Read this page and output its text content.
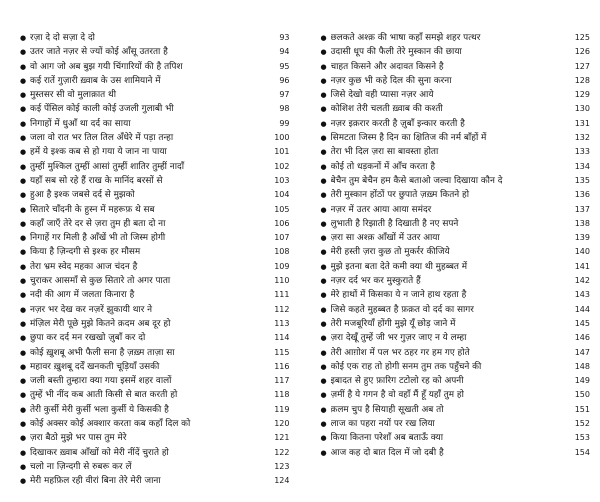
● रज़ा दे दो सज़ा दे दो	93
● उतर जाते नज़र से ज्यों कोई आँसू उतरता है	94
● वो आग जो अब बुझ गयी चिंगारियों की है तपिश	95
● कई रातें गुज़ारी ख़्वाब के उस शामियाने में	96
● मुस्तसर सी वो मुलाक़ात थी	97
● कई पेंसिल कोई काली कोई उजली गुलाबी भी	98
● निगाहों में धुआँ था दर्द का साया	99
● जला वो रात भर तिल तिल अँधेरे में पड़ा तन्हा	100
● हमें ये इश्क कब से हो गया ये जान ना पाया	101
● तुम्हीं मुश्किल तुम्हीं आसां तुम्हीं शातिर तुम्हीं नादाँ	102
● यहाँ सब सो रहे हैं राख के मानिंद बरसों से	103
● हुआ है इश्क जबसे दर्द से मुझको	104
● सितारे चाँदनी के हुस्न में महरूफ़ थे सब	105
● कहाँ जाएँ तेरे दर से ज़रा तुम ही बता दो ना	106
● निगाहें गर मिली है आँखें भी तो जिस्म होगी	107
● किया है ज़िन्दगी से इश्क हर मौसम	108
● तेरा भ्रम स्वेद महका आज चंदन है	109
● चुराकर आसमाँ से कुछ सितारे तो अगर पाता	110
● नदी की आग में जलता किनारा है	111
● नज़र भर देख कर नज़रें झुकायी थार ने	112
● मंज़िल मेरी पूछे मुझे कितने क़दम अब दूर हो	113
● छुपा कर दर्द मन रखखो ज़ुबाँ कर दो	114
● कोई ख़ुशबू अभी फैली सना है ज़ख़्म ताज़ा सा	115
● महावर ख़ुशबू दर्दें खनकती चूड़ियाँ उसकी	116
● जली बस्ती तुम्हारा क्या गया इसमें शहर वालों	117
● तुम्हें भी नींद कब आती किसी से बात करती हो	118
● तेरी कुर्सी मेरी कुर्सी भला कुर्सी ये किसकी है	119
● कोई अक्सर कोई अक्शार करता कब कहाँ दिल को	120
● ज़रा बैठो मुझे भर पास तुम मेरे	121
● दिखाकर ख़्वाब आँखों को मेरी नींदें चुराते हो	122
● चलो ना ज़िन्दगी से रुबरू कर लें	123
● मेरी महफ़िल रही वीरां बिना तेरे मेरी जाना	124
● छलकते अश्क़ की भाषा कहाँ समझे शहर पत्थर	125
● उदासी धूप की फैली तेरे मुस्कान की छाया	126
● चाहत किसने और अदावत किसने है	127
● नज़र कुछ भी कहे दिल की सुना करना	128
● जिसे देखो वही प्यासा नज़र आये	129
● कोशिश तेरी चलती ख़्वाब की कश्ती	130
● नज़र इक़रार करती है ज़ुबाँ इन्कार करती है	131
● सिमटता जिस्म है दिन का क्षितिज की नर्म बाँहों में	132
● तेरा भी दिल ज़रा सा बावस्ता होता	133
● कोई तो धड़कनों में आँच करता है	134
● बेचैन तुम बेचैन हम कैसे बताओ जल्वा दिखाया कौन दे	135
● तेरी मुस्कान होंठों पर छुपाते ज़ख़्म कितने हो	136
● नज़र में उतर आया आया समंदर	137
● लुभाती है रिझाती है दिखाती है नए सपने	138
● ज़रा सा अश्क़ आँखों में उतर आया	139
● मेरी हस्ती ज़रा कुछ तो मुकर्रर कीजिये	140
● मुझे इतना बता देते कमी क्या थी मुहब्बत में	141
● नज़र दर्द भर कर मुस्कुराते हैं	142
● मेरे हाथों में किसका ये न जाने हाथ रहता है	143
● जिसे कहते मुहब्बत है फ़क़त वो दर्द का सागर	144
● तेरी मजबूरियाँ होंगी मुझे यूँ छोड़ जाने में	145
● ज़रा देखूँ तुम्हें जी भर गुज़र जाए न ये लम्हा	146
● तेरी आग़ोश में पल भर ठहर गर हम गए होते	147
● कोई एक राह तो होगी सनम तुम तक पहुँचने की	148
● इबादत से हुए फ़ारिग टटोलो रह को अपनी	149
● ज़मीं है ये गगन है वो वहाँ मैं हूँ यहाँ तुम हो	150
● क़लम चुप है सियाही सूखती अब तो	151
● लाज का पहरा नयों पर रख लिया	152
● किया कितना परेशाँ अब बताऊँ क्या	153
● आज कह दो बात दिल में जो दबी है	154
